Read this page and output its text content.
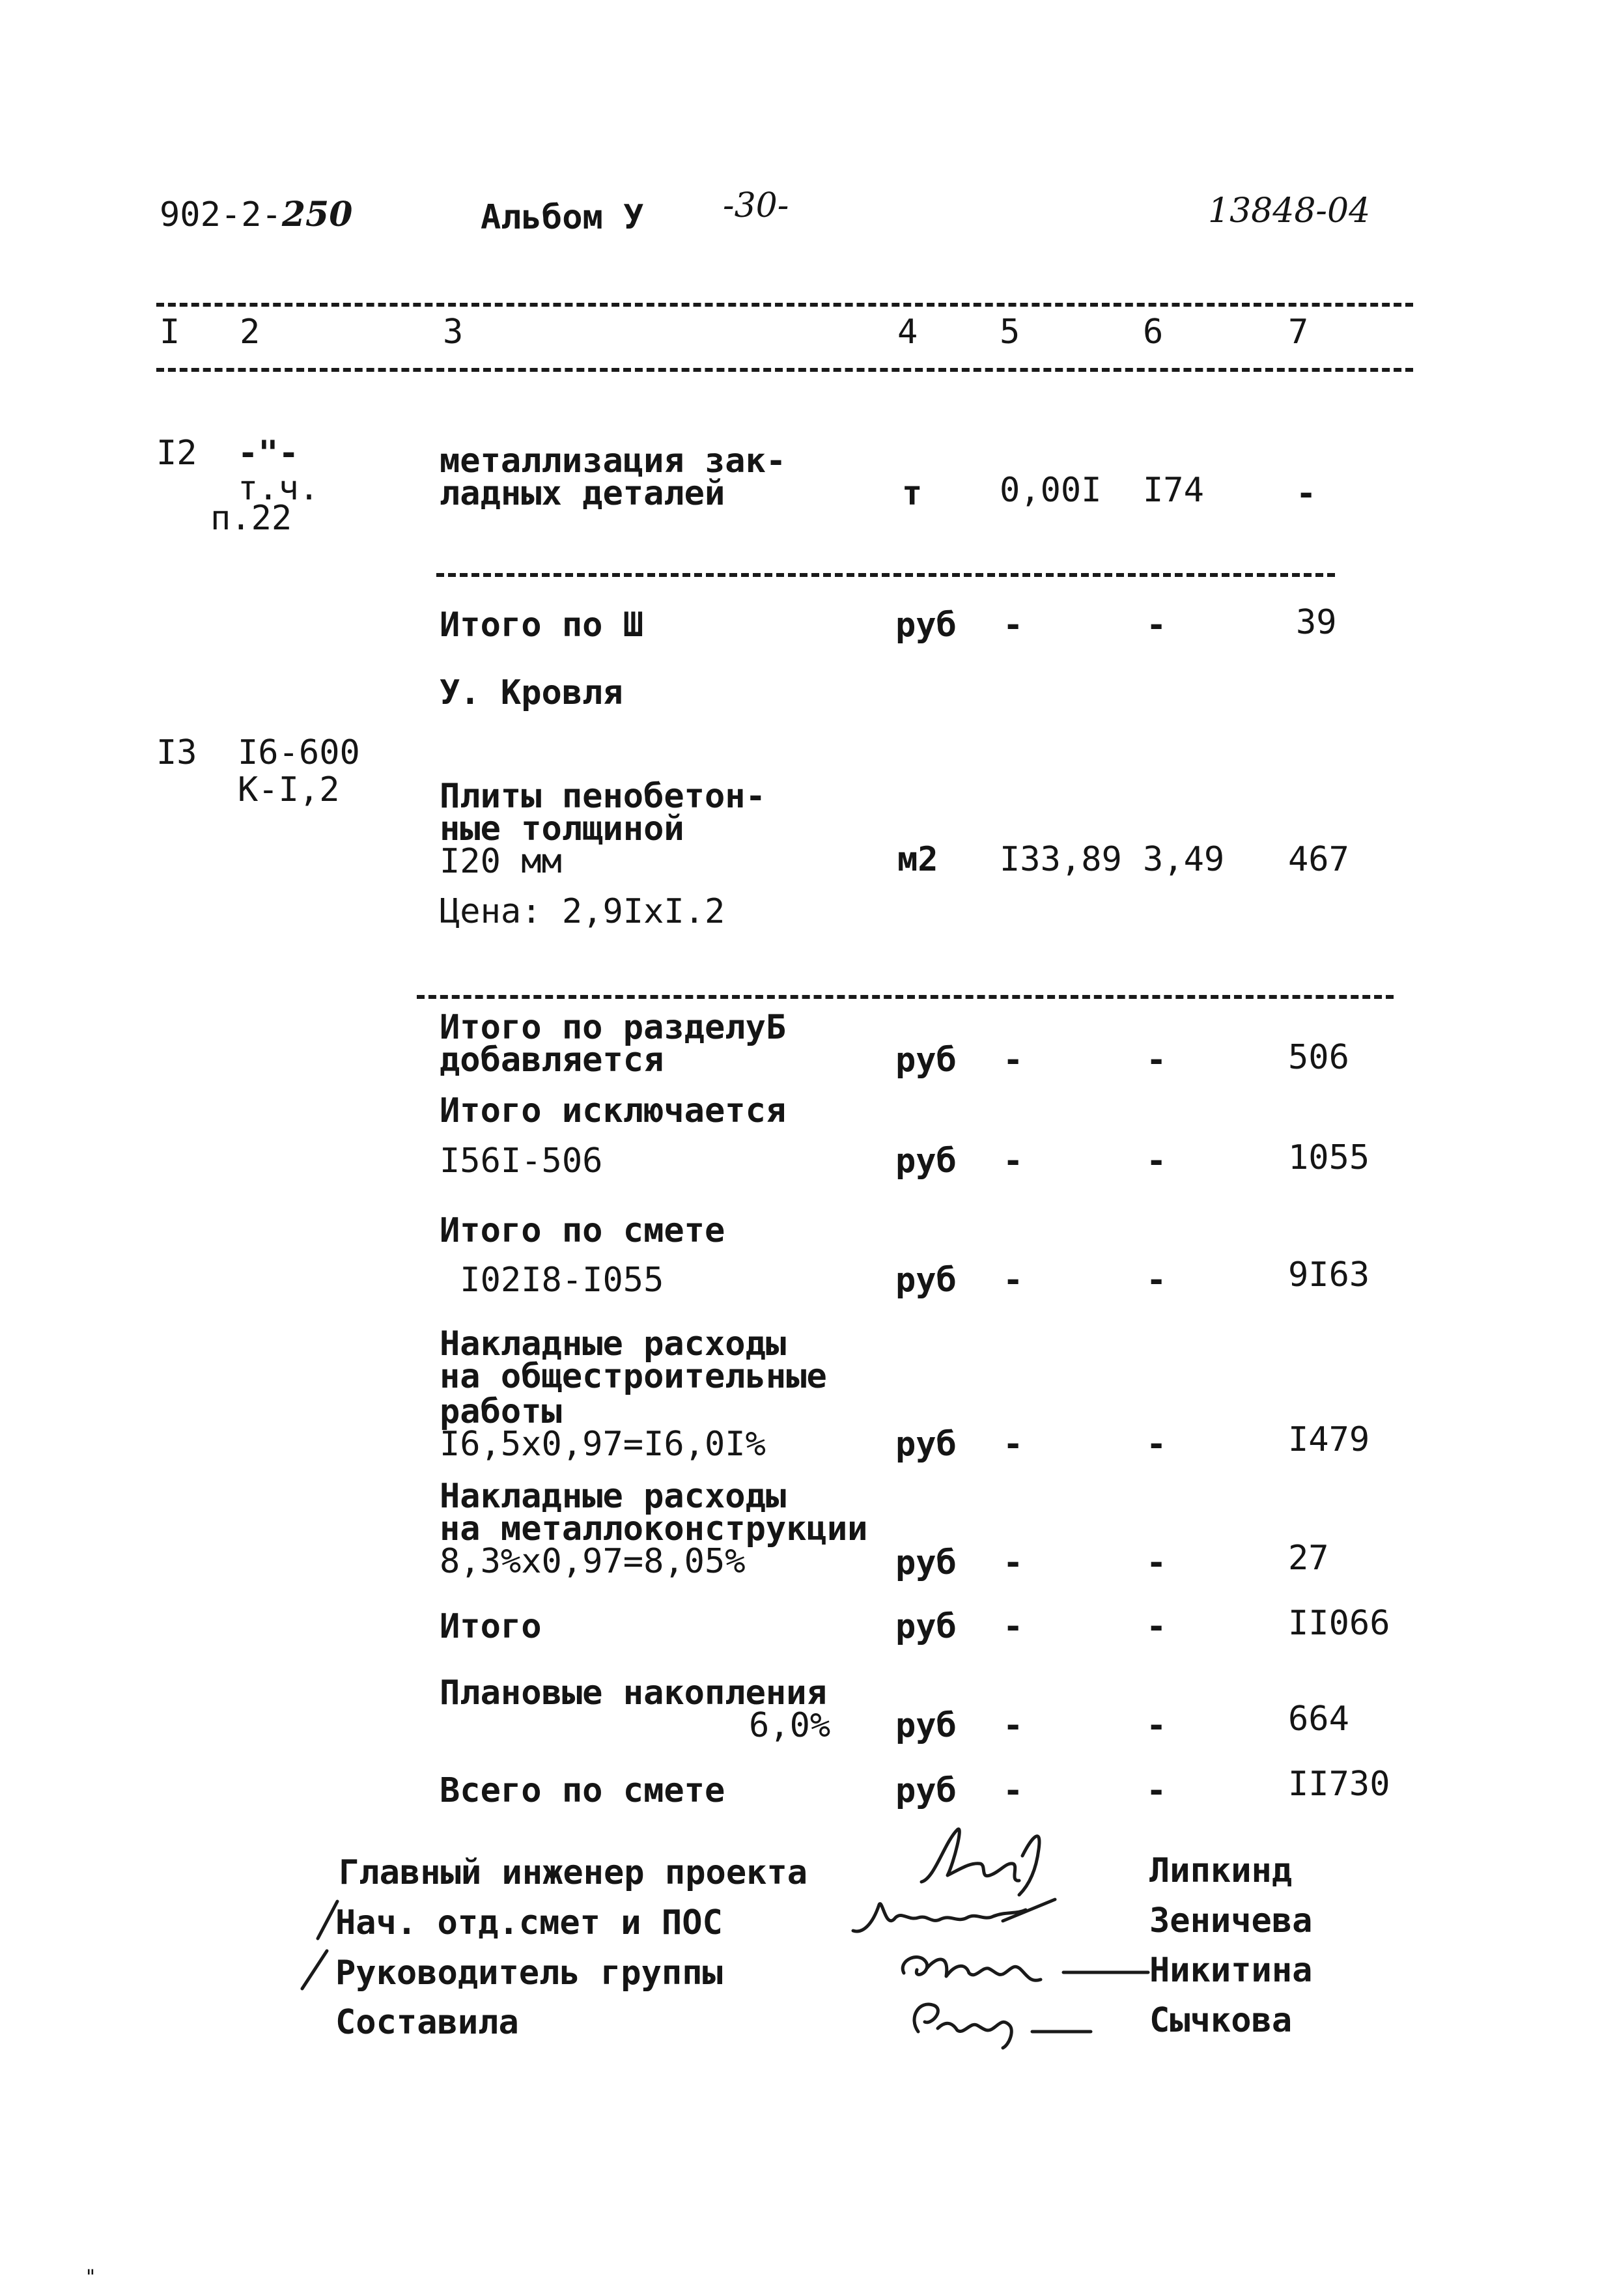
902-2-250	Альбом У -30-	13848-04
I 2	3	4 5	6	7
I2 -"-
т.ч.
п.22
металлизация зак-
ладных деталей	т 0,00I I74	-
Итого по Ш	руб -	-	39
У. Кровля
I3 I6-600
К-I,2	Плиты пенобетон-
ные толщиной
I20 мм	м2 I33,89 3,49 467
Цена: 2,9IxI.2
Итого по разделуБ
добавляется	руб -	-	506
Итого исключается
I56I-506	руб -	-	1055
Итого по смете
I02I8-I055	руб -	-	9I63
Накладные расходы
на общестроительные
работы
I6,5x0,97=I6,0I%	руб -	-	I479
Накладные расходы
на металлоконструкции
8,3%x0,97=8,05%	руб -	-	27
Итого	руб -	-	II066
Плановые накопления
6,0% руб -	-	664
Всего по смете	руб -	-	II730
Главный инженер проекта	Липкинд
Нач. отд.смет и ПОС	Зеничева
Руководитель группы	Никитина
Составила	Сычкова
"
